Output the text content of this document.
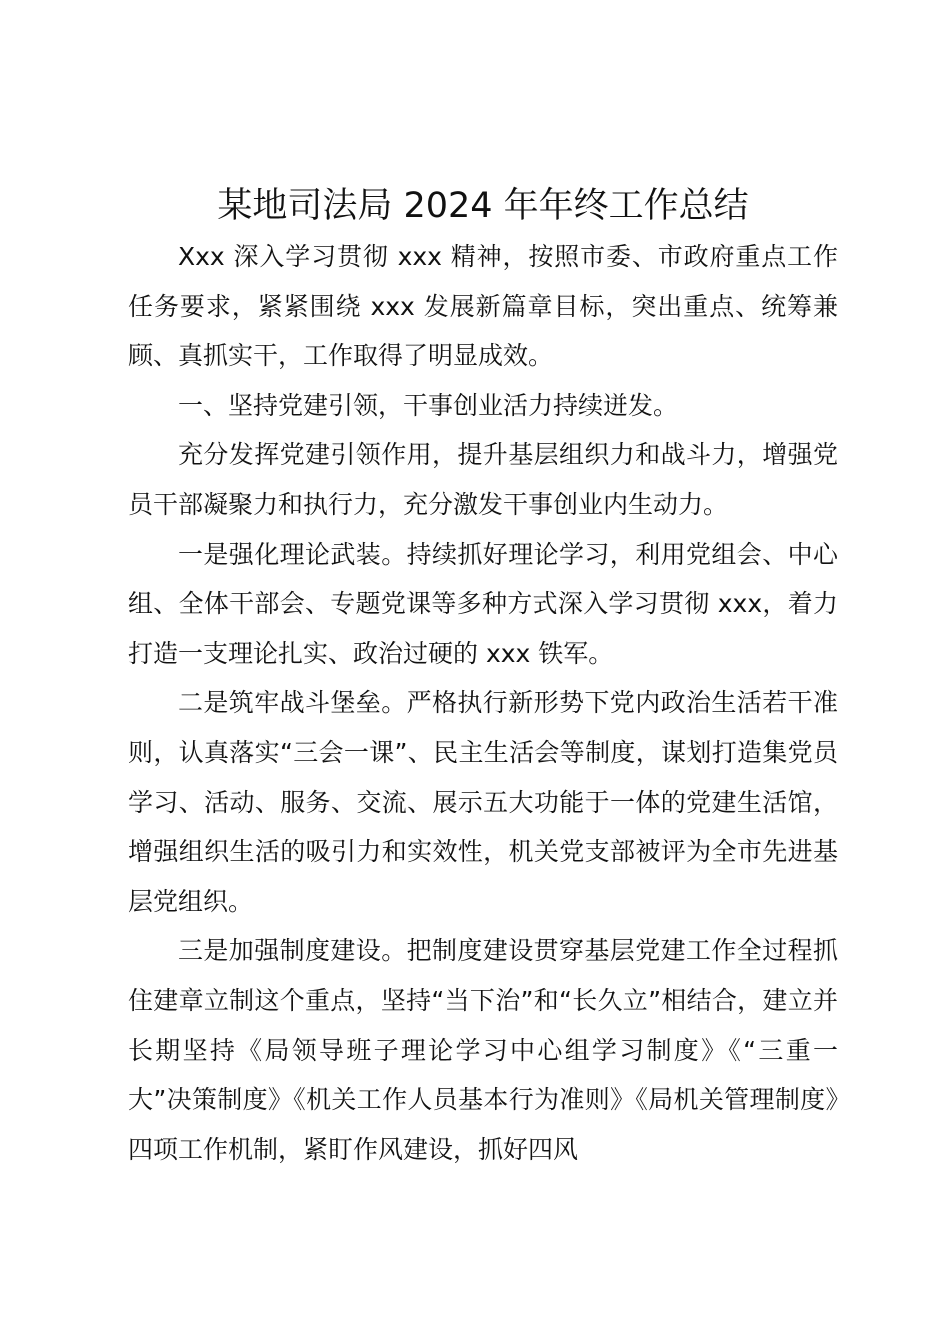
某地司法局 2024 年年终工作总结

Xxx 深入学习贯彻 xxx 精神，按照市委、市政府重点工作任务要求，紧紧围绕 xxx 发展新篇章目标，突出重点、统筹兼顾、真抓实干，工作取得了明显成效。

一、坚持党建引领，干事创业活力持续迸发。

充分发挥党建引领作用，提升基层组织力和战斗力，增强党员干部凝聚力和执行力，充分激发干事创业内生动力。

一是强化理论武装。持续抓好理论学习，利用党组会、中心组、全体干部会、专题党课等多种方式深入学习贯彻 xxx，着力打造一支理论扎实、政治过硬的 xxx 铁军。

二是筑牢战斗堡垒。严格执行新形势下党内政治生活若干准则，认真落实“三会一课”、民主生活会等制度，谋划打造集党员学习、活动、服务、交流、展示五大功能于一体的党建生活馆，增强组织生活的吸引力和实效性，机关党支部被评为全市先进基层党组织。

三是加强制度建设。把制度建设贯穿基层党建工作全过程抓住建章立制这个重点，坚持“当下治”和“长久立”相结合，建立并长期坚持《局领导班子理论学习中心组学习制度》《“三重一大”决策制度》《机关工作人员基本行为准则》《局机关管理制度》四项工作机制，紧盯作风建设，抓好四风
